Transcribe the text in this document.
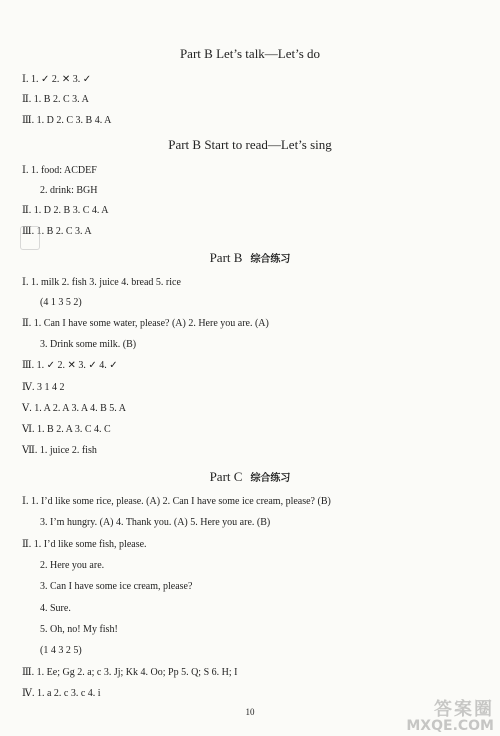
Part B Let’s talk—Let’s do
Ⅰ. 1. ✓ 2. ✕ 3. ✓
Ⅱ. 1. B 2. C 3. A
Ⅲ. 1. D 2. C 3. B 4. A
Part B Start to read—Let’s sing
Ⅰ. 1. food: ACDEF
2. drink: BGH
Ⅱ. 1. D 2. B 3. C 4. A
Ⅲ. 1. B 2. C 3. A
Part B 综合练习
Ⅰ. 1. milk 2. fish 3. juice 4. bread 5. rice
(4 1 3 5 2)
Ⅱ. 1. Can I have some water, please? (A) 2. Here you are. (A)
3. Drink some milk. (B)
Ⅲ. 1. ✓ 2. ✕ 3. ✓ 4. ✓
Ⅳ. 3 1 4 2
Ⅴ. 1. A 2. A 3. A 4. B 5. A
Ⅵ. 1. B 2. A 3. C 4. C
Ⅶ. 1. juice 2. fish
Part C 综合练习
Ⅰ. 1. I’d like some rice, please. (A) 2. Can I have some ice cream, please? (B)
3. I’m hungry. (A) 4. Thank you. (A) 5. Here you are. (B)
Ⅱ. 1. I’d like some fish, please.
2. Here you are.
3. Can I have some ice cream, please?
4. Sure.
5. Oh, no! My fish!
(1 4 3 2 5)
Ⅲ. 1. Ee; Gg 2. a; c 3. Jj; Kk 4. Oo; Pp 5. Q; S 6. H; I
Ⅳ. 1. a 2. c 3. c 4. i
10	答案圈
MXQE.COM
